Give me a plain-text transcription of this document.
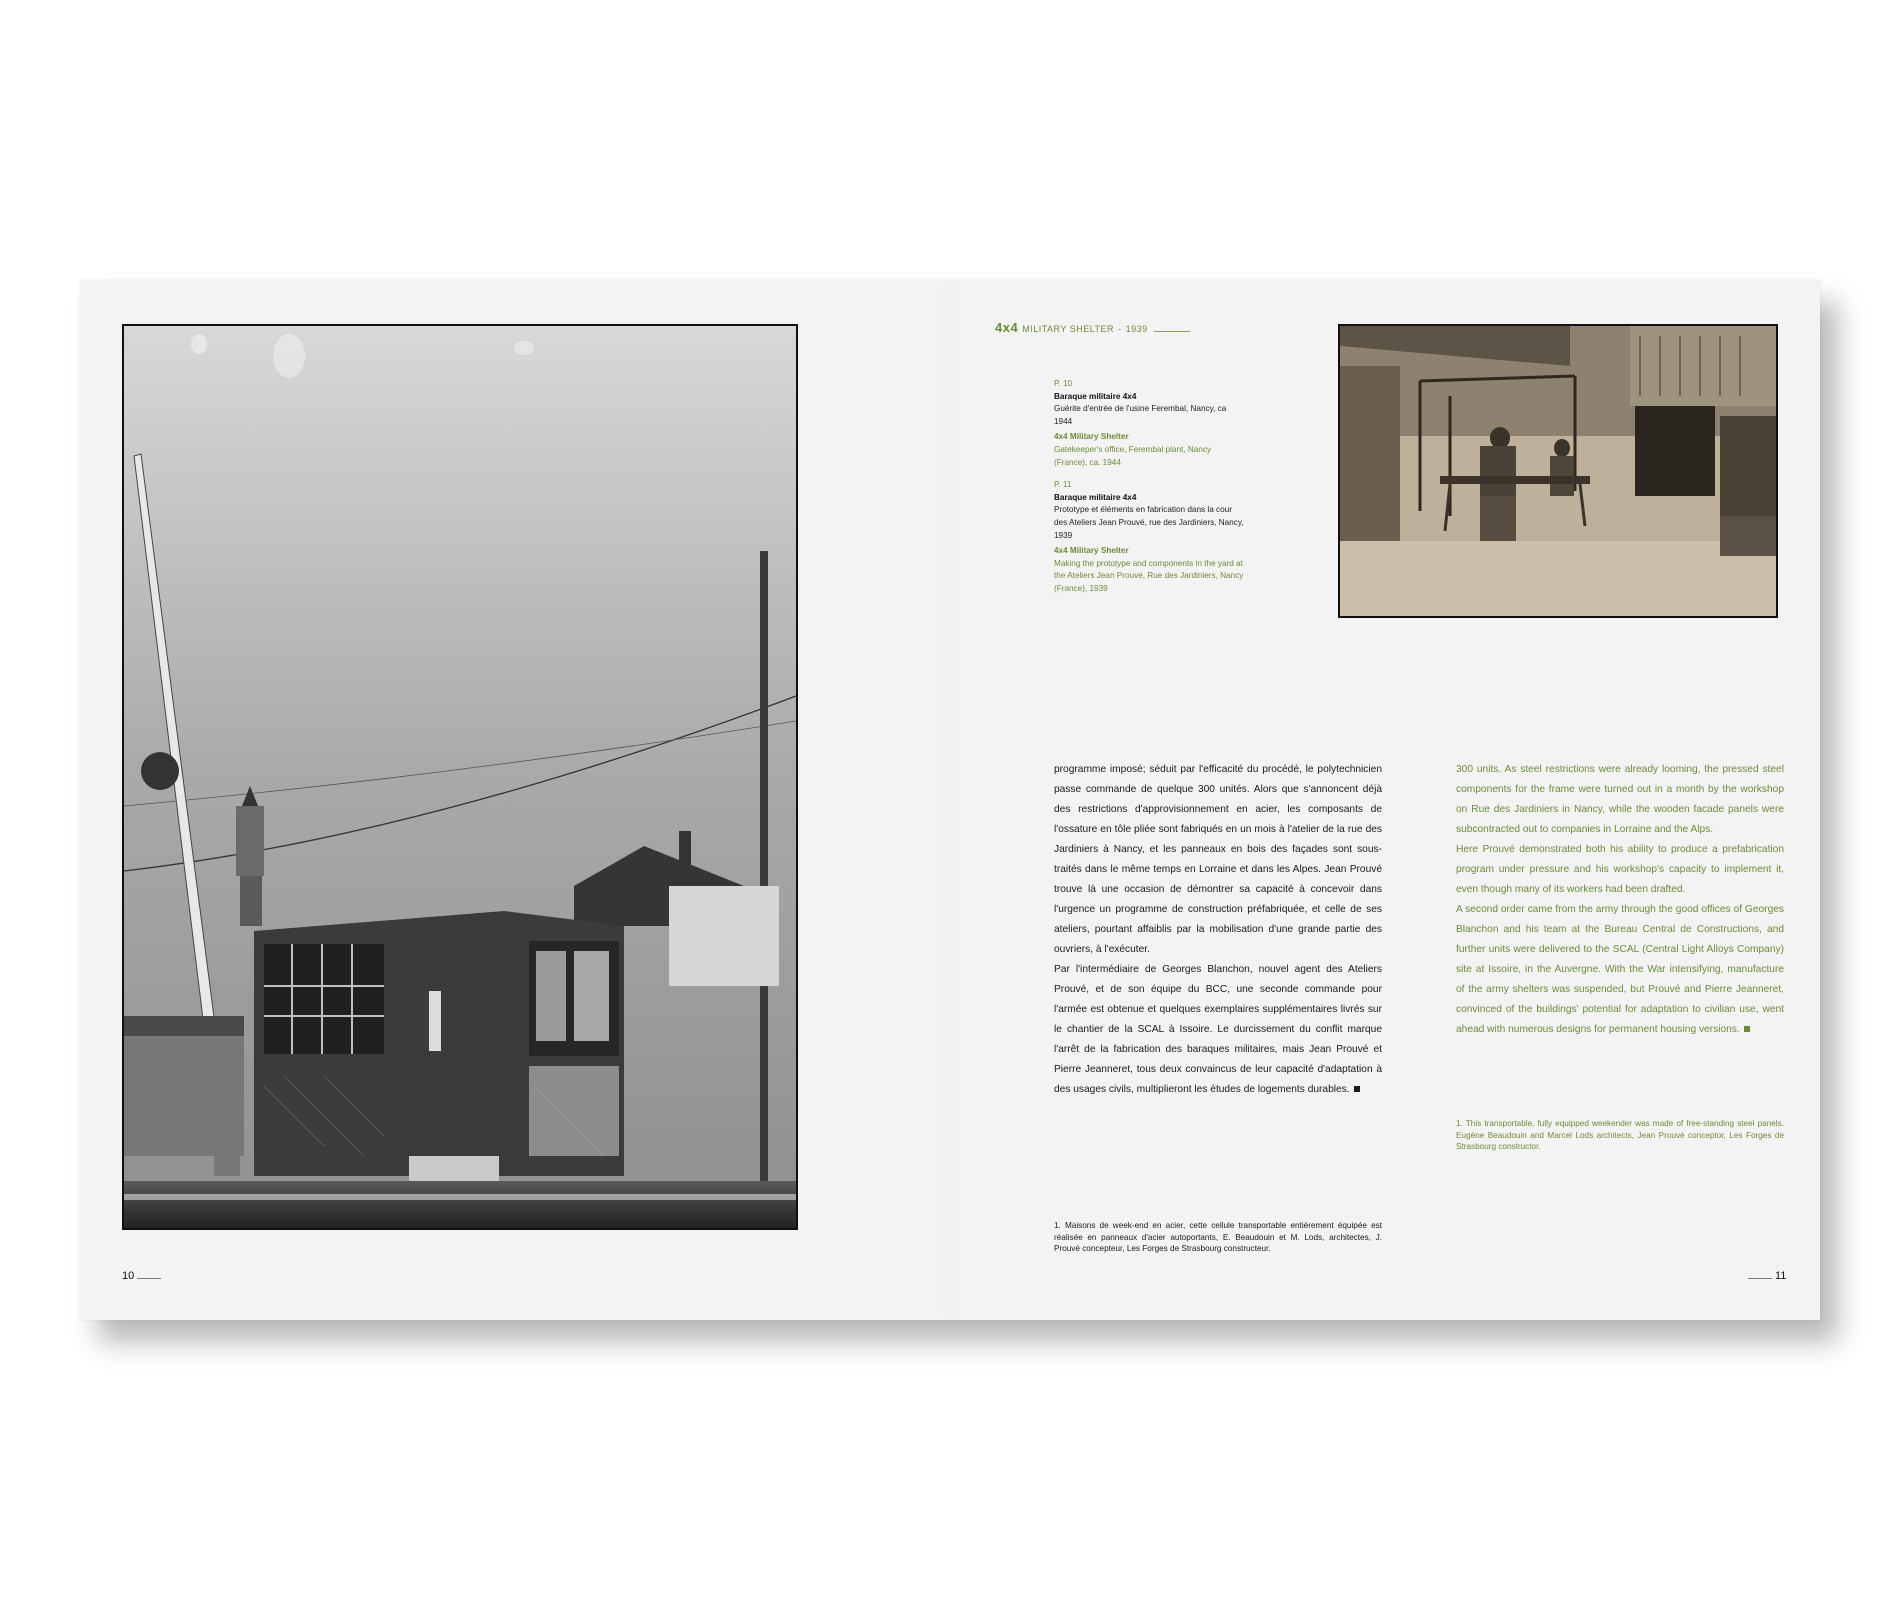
4x4 MILITARY SHELTER - 1939
P. 10
Baraque militaire 4x4
Guérite d'entrée de l'usine Ferembal, Nancy, ca 1944
4x4 Military Shelter
Gatekeeper's office, Ferembal plant, Nancy (France), ca. 1944
P. 11
Baraque militaire 4x4
Prototype et éléments en fabrication dans la cour des Ateliers Jean Prouvé, rue des Jardiniers, Nancy, 1939
4x4 Military Shelter
Making the prototype and components in the yard at the Ateliers Jean Prouvé, Rue des Jardiniers, Nancy (France), 1939

programme imposé; séduit par l'efficacité du procédé, le polytechnicien passe commande de quelque 300 unités. Alors que s'annoncent déjà des restrictions d'approvisionnement en acier, les composants de l'ossature en tôle pliée sont fabriqués en un mois à l'atelier de la rue des Jardiniers à Nancy, et les panneaux en bois des façades sont sous-traités dans le même temps en Lorraine et dans les Alpes. Jean Prouvé trouve là une occasion de démontrer sa capacité à concevoir dans l'urgence un programme de construction préfabriquée, et celle de ses ateliers, pourtant affaiblis par la mobilisation d'une grande partie des ouvriers, à l'exécuter.

Par l'intermédiaire de Georges Blanchon, nouvel agent des Ateliers Prouvé, et de son équipe du BCC, une seconde commande pour l'armée est obtenue et quelques exemplaires supplémentaires livrés sur le chantier de la SCAL à Issoire. Le durcissement du conflit marque l'arrêt de la fabrication des baraques militaires, mais Jean Prouvé et Pierre Jeanneret, tous deux convaincus de leur capacité d'adaptation à des usages civils, multiplieront les études de logements durables.

1. Maisons de week-end en acier, cette cellule transportable entièrement équipée est réalisée en panneaux d'acier autoportants, E. Beaudouin et M. Lods, architectes, J. Prouvé concepteur, Les Forges de Strasbourg constructeur.

300 units. As steel restrictions were already looming, the pressed steel components for the frame were turned out in a month by the workshop on Rue des Jardiniers in Nancy, while the wooden facade panels were subcontracted out to companies in Lorraine and the Alps.

Here Prouvé demonstrated both his ability to produce a prefabrication program under pressure and his workshop's capacity to implement it, even though many of its workers had been drafted.

A second order came from the army through the good offices of Georges Blanchon and his team at the Bureau Central de Constructions, and further units were delivered to the SCAL (Central Light Alloys Company) site at Issoire, in the Auvergne. With the War intensifying, manufacture of the army shelters was suspended, but Prouvé and Pierre Jeanneret, convinced of the buildings' potential for adaptation to civilian use, went ahead with numerous designs for permanent housing versions.

1. This transportable, fully equipped weekender was made of free-standing steel panels. Eugène Beaudouin and Marcel Lods architects, Jean Prouvé conceptor, Les Forges de Strasbourg constructor.
10	11
